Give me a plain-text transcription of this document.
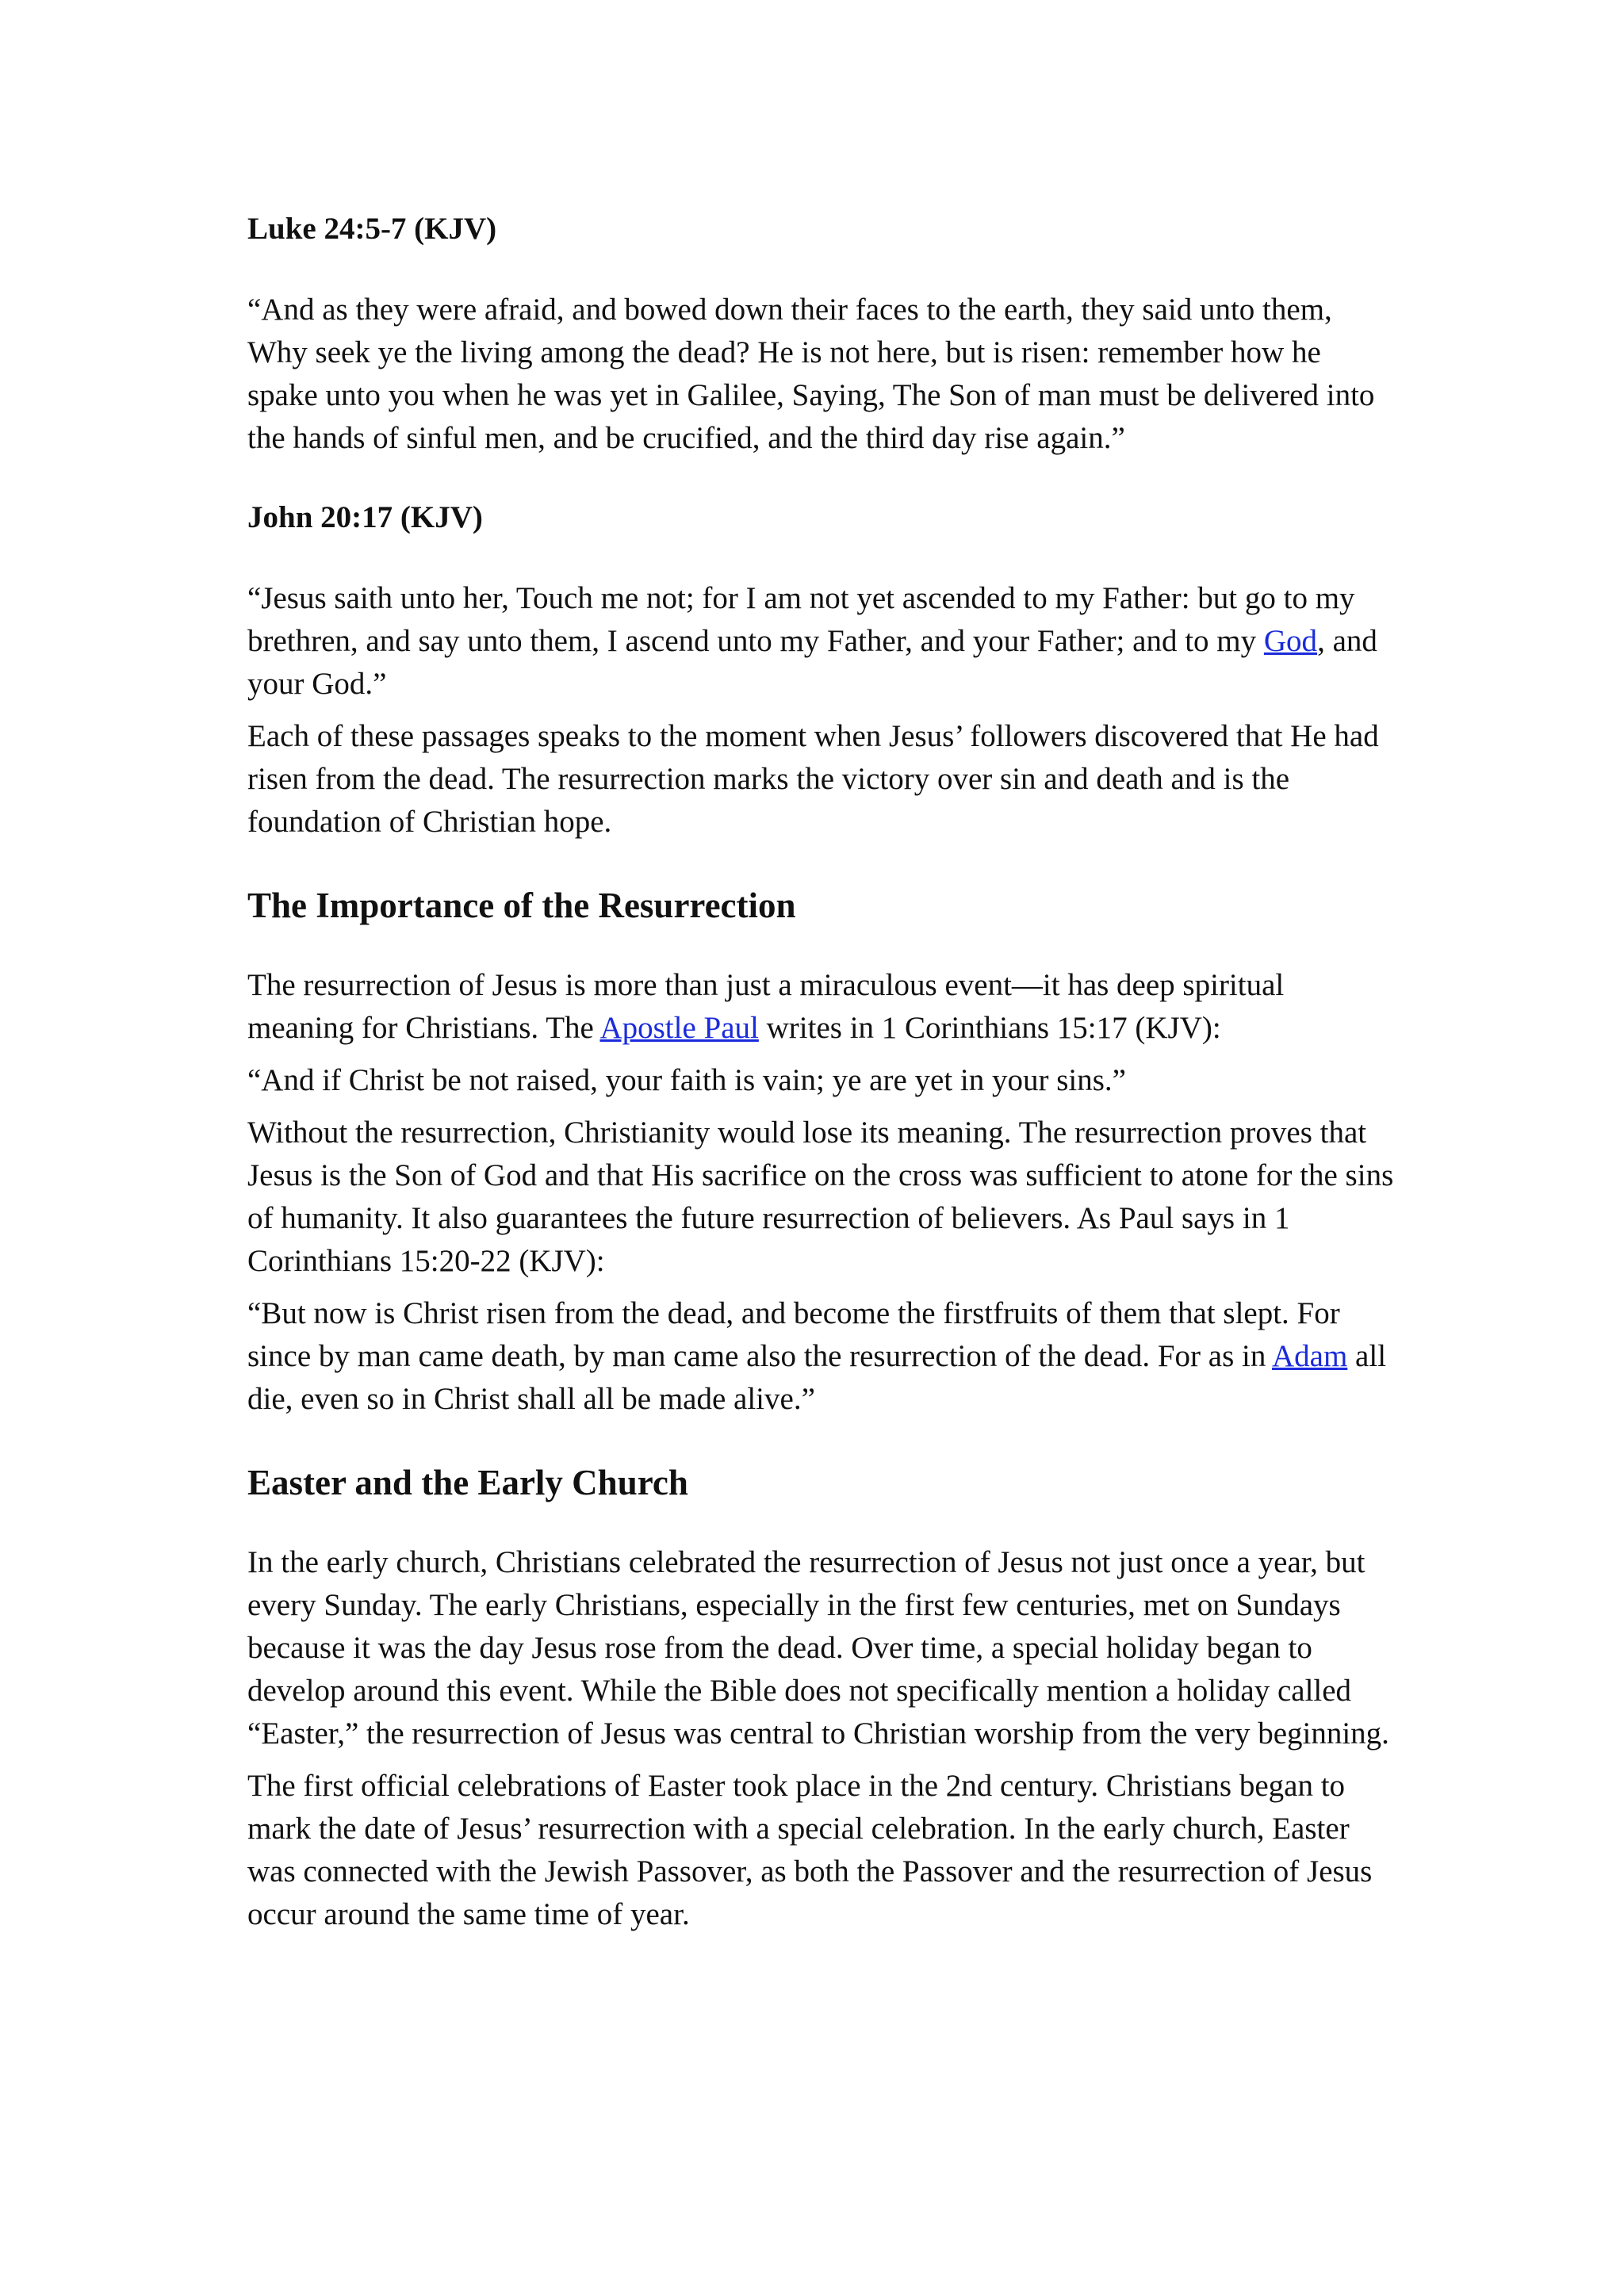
Luke 24:5-7 (KJV)

“And as they were afraid, and bowed down their faces to the earth, they said unto them, Why seek ye the living among the dead? He is not here, but is risen: remember how he spake unto you when he was yet in Galilee, Saying, The Son of man must be delivered into the hands of sinful men, and be crucified, and the third day rise again.”

John 20:17 (KJV)

“Jesus saith unto her, Touch me not; for I am not yet ascended to my Father: but go to my brethren, and say unto them, I ascend unto my Father, and your Father; and to my God, and your God.”

Each of these passages speaks to the moment when Jesus’ followers discovered that He had risen from the dead. The resurrection marks the victory over sin and death and is the foundation of Christian hope.

The Importance of the Resurrection

The resurrection of Jesus is more than just a miraculous event—it has deep spiritual meaning for Christians. The Apostle Paul writes in 1 Corinthians 15:17 (KJV):

“And if Christ be not raised, your faith is vain; ye are yet in your sins.”

Without the resurrection, Christianity would lose its meaning. The resurrection proves that Jesus is the Son of God and that His sacrifice on the cross was sufficient to atone for the sins of humanity. It also guarantees the future resurrection of believers. As Paul says in 1 Corinthians 15:20-22 (KJV):

“But now is Christ risen from the dead, and become the firstfruits of them that slept. For since by man came death, by man came also the resurrection of the dead. For as in Adam all die, even so in Christ shall all be made alive.”

Easter and the Early Church

In the early church, Christians celebrated the resurrection of Jesus not just once a year, but every Sunday. The early Christians, especially in the first few centuries, met on Sundays because it was the day Jesus rose from the dead. Over time, a special holiday began to develop around this event. While the Bible does not specifically mention a holiday called “Easter,” the resurrection of Jesus was central to Christian worship from the very beginning.

The first official celebrations of Easter took place in the 2nd century. Christians began to mark the date of Jesus’ resurrection with a special celebration. In the early church, Easter was connected with the Jewish Passover, as both the Passover and the resurrection of Jesus occur around the same time of year.
